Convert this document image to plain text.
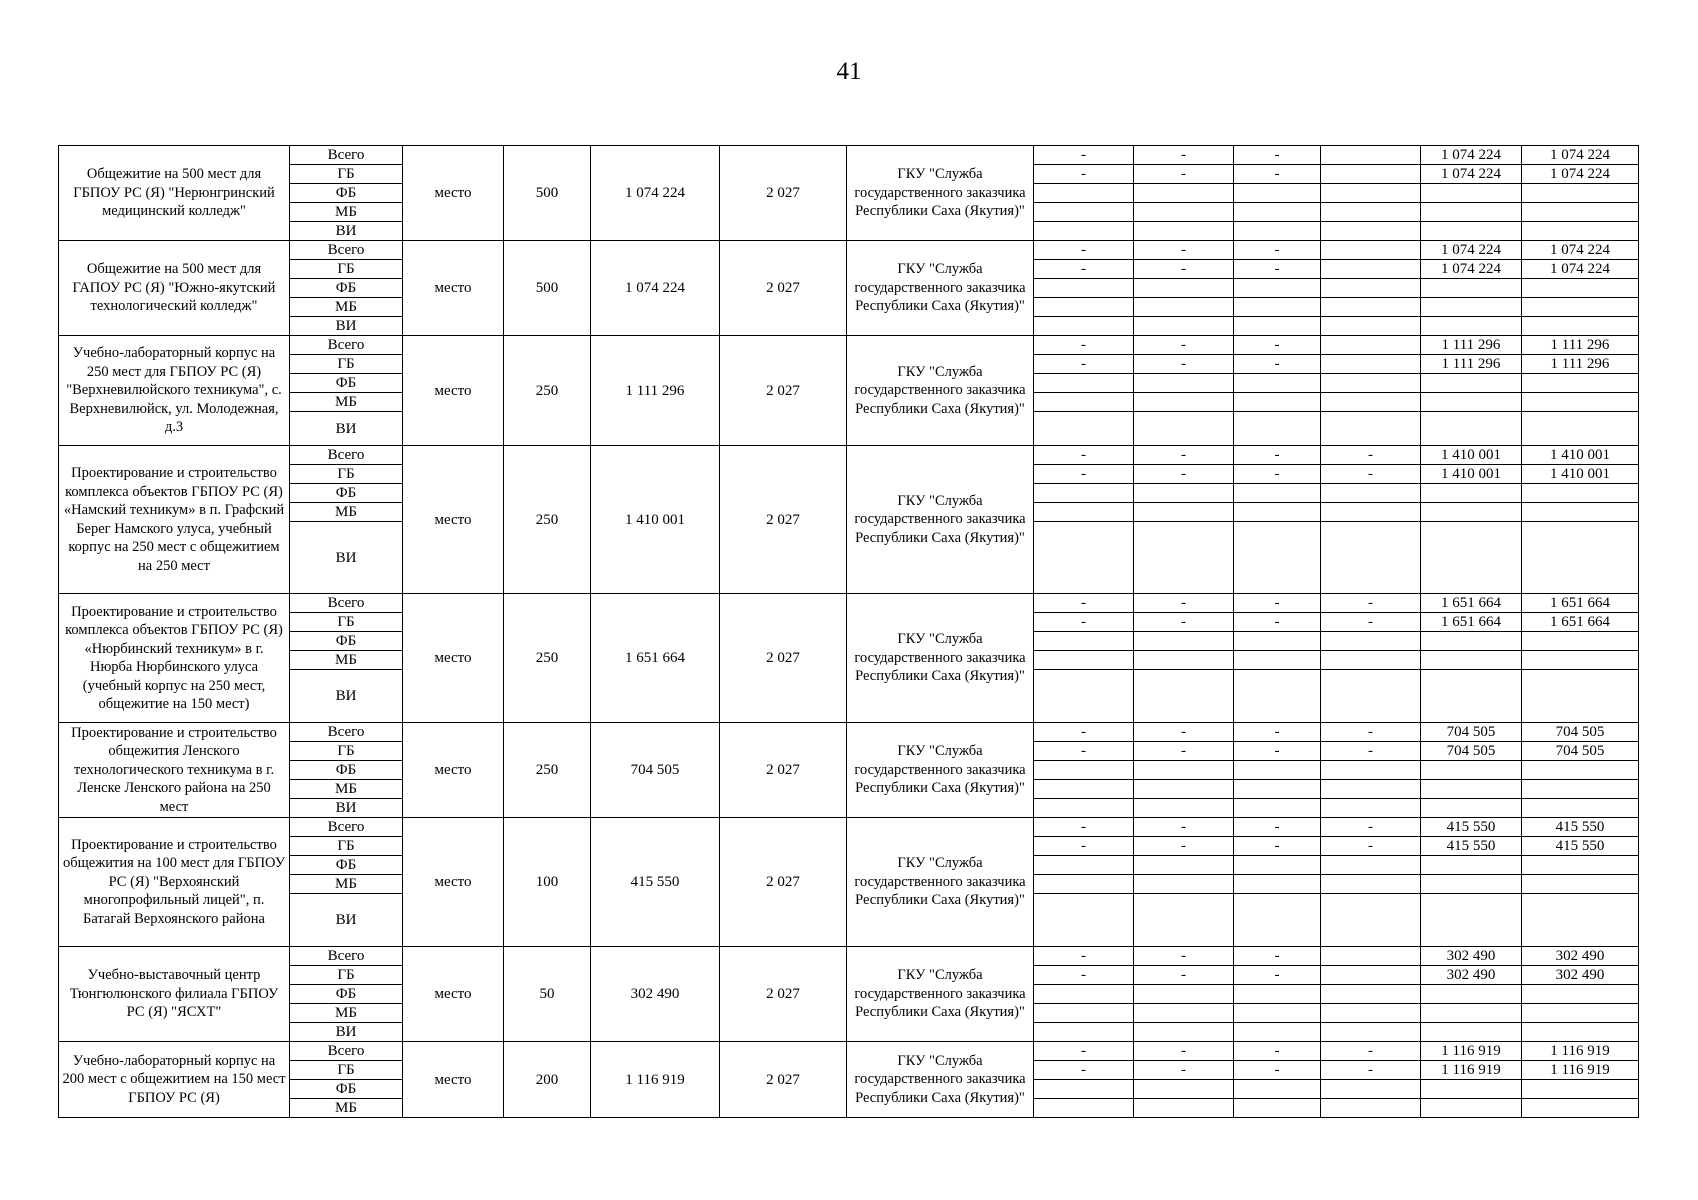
41
Общежитие на 500 мест для ГБПОУ РС (Я) "Нерюнгринский медицинский колледж"	Всего	место	500	1 074 224	2 027	ГКУ "Служба государственного заказчика Республики Саха (Якутия)"	-	-	-		1 074 224	1 074 224
	ГБ						-	-	-		1 074 224	1 074 224
	ФБ											
	МБ											
	ВИ											
Общежитие на 500 мест для ГАПОУ РС (Я) "Южно-якутский технологический колледж"	Всего	место	500	1 074 224	2 027	ГКУ "Служба государственного заказчика Республики Саха (Якутия)"	-	-	-		1 074 224	1 074 224
	ГБ						-	-	-		1 074 224	1 074 224
	ФБ											
	МБ											
	ВИ											
Учебно-лабораторный корпус на 250 мест для ГБПОУ РС (Я) "Верхневилюйского техникума", с. Верхневилюйск, ул. Молодежная, д.3	Всего	место	250	1 111 296	2 027	ГКУ "Служба государственного заказчика Республики Саха (Якутия)"	-	-	-		1 111 296	1 111 296
	ГБ						-	-	-		1 111 296	1 111 296
	ФБ											
	МБ											
	ВИ											
Проектирование и строительство комплекса объектов ГБПОУ РС (Я) «Намский техникум» в п. Графский Берег Намского улуса, учебный корпус на 250 мест с общежитием на 250 мест	Всего	место	250	1 410 001	2 027	ГКУ "Служба государственного заказчика Республики Саха (Якутия)"	-	-	-	-	1 410 001	1 410 001
	ГБ						-	-	-	-	1 410 001	1 410 001
	ФБ											
	МБ											
	ВИ											
Проектирование и строительство комплекса объектов ГБПОУ РС (Я) «Нюрбинский техникум» в г. Нюрба Нюрбинского улуса (учебный корпус на 250 мест, общежитие на 150 мест)	Всего	место	250	1 651 664	2 027	ГКУ "Служба государственного заказчика Республики Саха (Якутия)"	-	-	-	-	1 651 664	1 651 664
	ГБ						-	-	-	-	1 651 664	1 651 664
	ФБ											
	МБ											
	ВИ											
Проектирование и строительство общежития Ленского технологического техникума в г. Ленске Ленского района на 250 мест	Всего	место	250	704 505	2 027	ГКУ "Служба государственного заказчика Республики Саха (Якутия)"	-	-	-	-	704 505	704 505
	ГБ						-	-	-	-	704 505	704 505
	ФБ											
	МБ											
	ВИ											
Проектирование и строительство общежития на 100 мест для ГБПОУ РС (Я) "Верхоянский многопрофильный лицей", п. Батагай Верхоянского района	Всего	место	100	415 550	2 027	ГКУ "Служба государственного заказчика Республики Саха (Якутия)"	-	-	-	-	415 550	415 550
	ГБ						-	-	-	-	415 550	415 550
	ФБ											
	МБ											
	ВИ											
Учебно-выставочный центр Тюнгюлюнского филиала ГБПОУ РС (Я) "ЯСХТ"	Всего	место	50	302 490	2 027	ГКУ "Служба государственного заказчика Республики Саха (Якутия)"	-	-	-		302 490	302 490
	ГБ						-	-	-		302 490	302 490
	ФБ											
	МБ											
	ВИ											
Учебно-лабораторный корпус на 200 мест с общежитием на 150 мест ГБПОУ РС (Я)	Всего	место	200	1 116 919	2 027	ГКУ "Служба государственного заказчика Республики Саха (Якутия)"	-	-	-	-	1 116 919	1 116 919
	ГБ						-	-	-	-	1 116 919	1 116 919
	ФБ											
	МБ											
